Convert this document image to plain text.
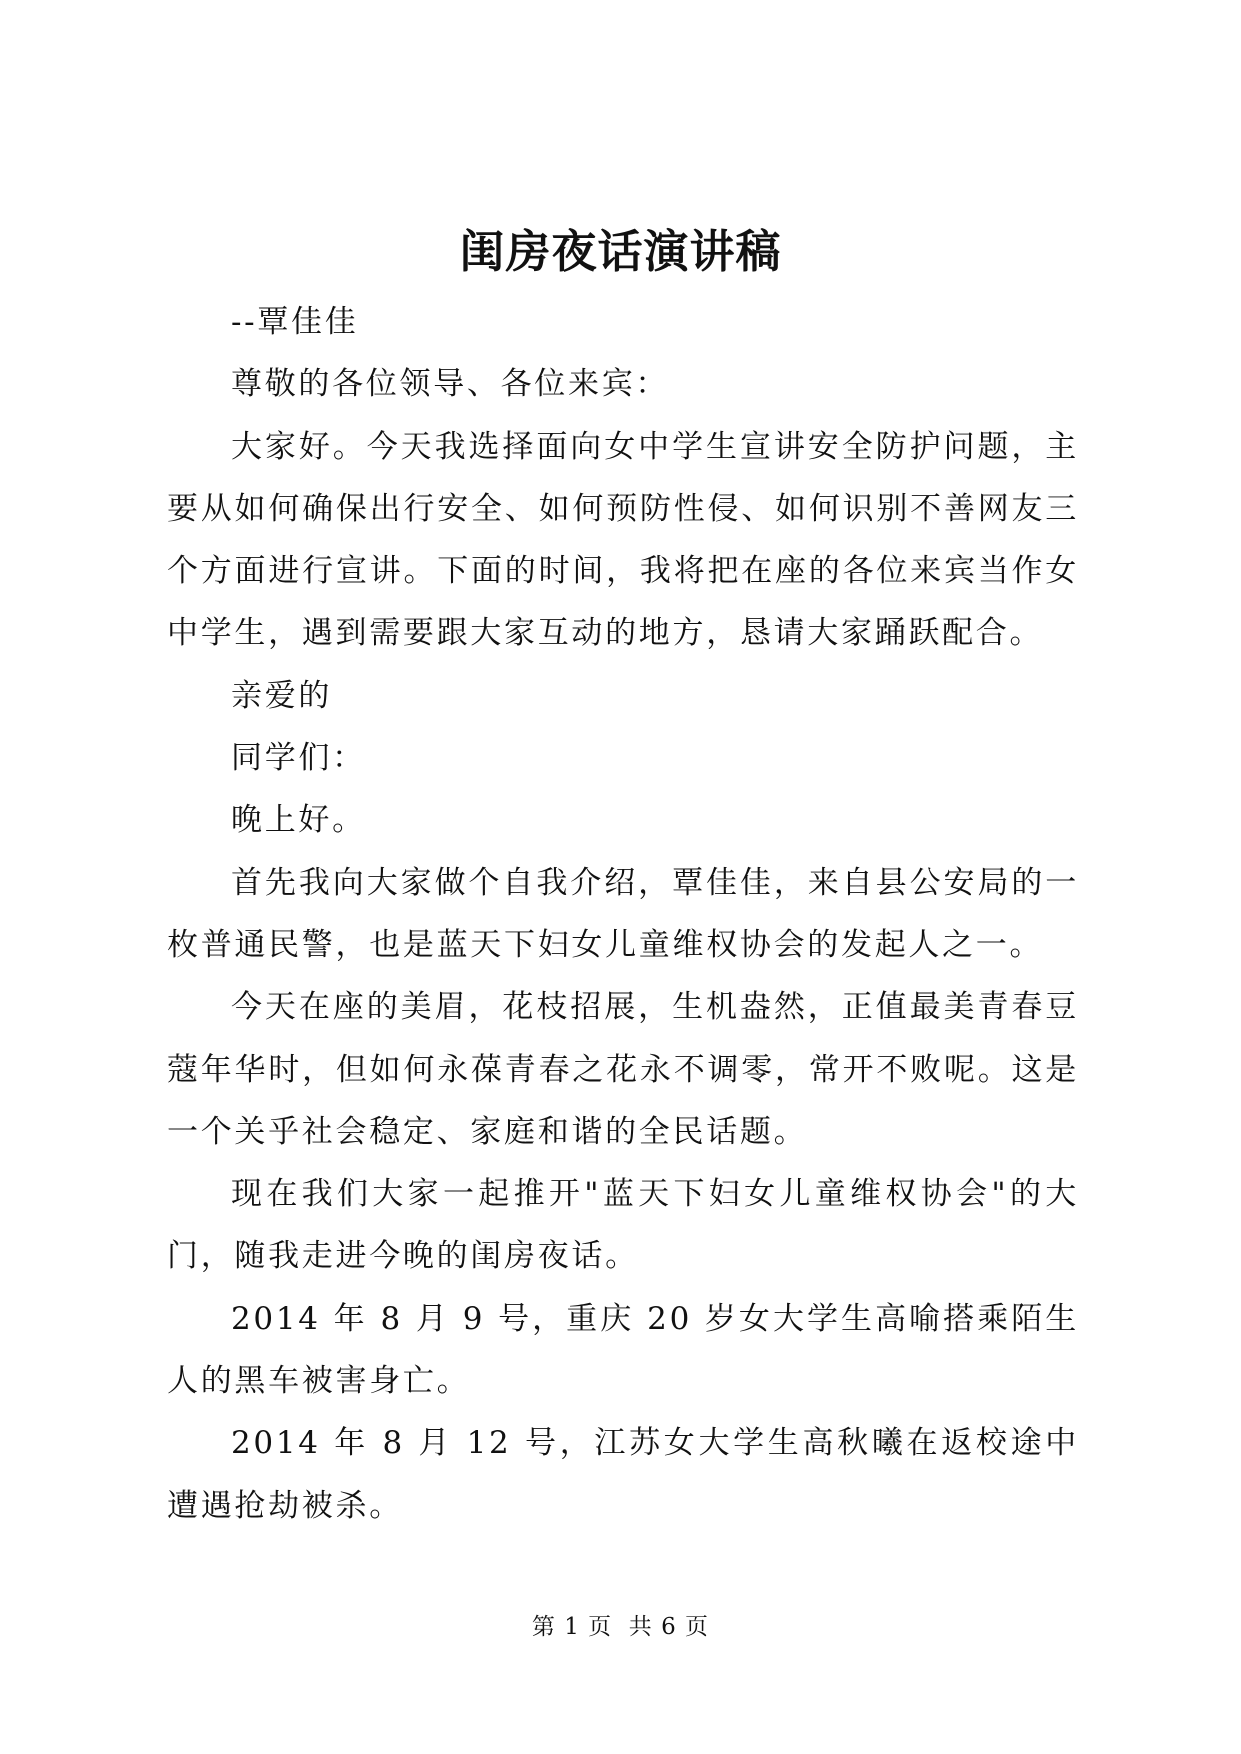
闺房夜话演讲稿

--覃佳佳

尊敬的各位领导、各位来宾：

大家好。今天我选择面向女中学生宣讲安全防护问题，主要从如何确保出行安全、如何预防性侵、如何识别不善网友三个方面进行宣讲。下面的时间，我将把在座的各位来宾当作女中学生，遇到需要跟大家互动的地方，恳请大家踊跃配合。

亲爱的

同学们：

晚上好。

首先我向大家做个自我介绍，覃佳佳，来自县公安局的一枚普通民警，也是蓝天下妇女儿童维权协会的发起人之一。

今天在座的美眉，花枝招展，生机盎然，正值最美青春豆蔻年华时，但如何永葆青春之花永不调零，常开不败呢。这是一个关乎社会稳定、家庭和谐的全民话题。

现在我们大家一起推开"蓝天下妇女儿童维权协会"的大门，随我走进今晚的闺房夜话。

2014 年 8 月 9 号，重庆 20 岁女大学生高喻搭乘陌生人的黑车被害身亡。

2014 年 8 月 12 号，江苏女大学生高秋曦在返校途中遭遇抢劫被杀。

第 1 页  共 6 页
